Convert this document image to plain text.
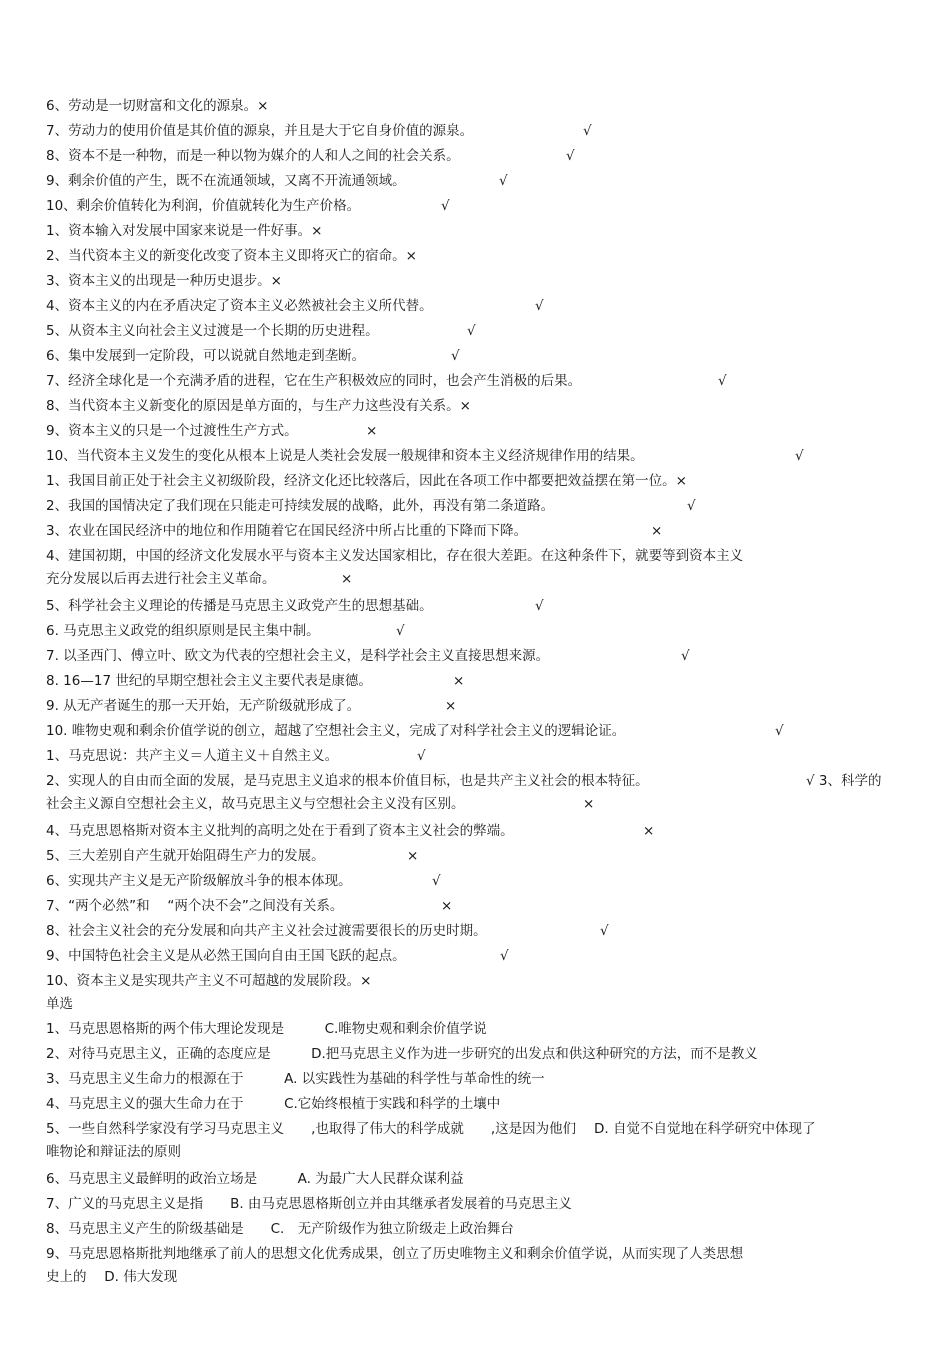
6、劳动是一切财富和文化的源泉。×
7、劳动力的使用价值是其价值的源泉，并且是大于它自身价值的源泉。	√
8、资本不是一种物，而是一种以物为媒介的人和人之间的社会关系。	√
9、剩余价值的产生，既不在流通领域，又离不开流通领域。	√
10、剩余价值转化为利润，价值就转化为生产价格。	√
1、资本输入对发展中国家来说是一件好事。×
2、当代资本主义的新变化改变了资本主义即将灭亡的宿命。×
3、资本主义的出现是一种历史退步。×
4、资本主义的内在矛盾决定了资本主义必然被社会主义所代替。	√
5、从资本主义向社会主义过渡是一个长期的历史进程。	√
6、集中发展到一定阶段，可以说就自然地走到垄断。	√
7、经济全球化是一个充满矛盾的进程，它在生产积极效应的同时，也会产生消极的后果。	√
8、当代资本主义新变化的原因是单方面的，与生产力这些没有关系。×
9、资本主义的只是一个过渡性生产方式。	×
10、当代资本主义发生的变化从根本上说是人类社会发展一般规律和资本主义经济规律作用的结果。	√
1、我国目前正处于社会主义初级阶段，经济文化还比较落后，因此在各项工作中都要把效益摆在第一位。×
2、我国的国情决定了我们现在只能走可持续发展的战略，此外，再没有第二条道路。	√
3、农业在国民经济中的地位和作用随着它在国民经济中所占比重的下降而下降。	×
4、建国初期，中国的经济文化发展水平与资本主义发达国家相比，存在很大差距。在这种条件下，就要等到资本主义
充分发展以后再去进行社会主义革命。	×
5、科学社会主义理论的传播是马克思主义政党产生的思想基础。	√
6. 马克思主义政党的组织原则是民主集中制。	√
7. 以圣西门、傅立叶、欧文为代表的空想社会主义，是科学社会主义直接思想来源。	√
8. 16—17 世纪的早期空想社会主义主要代表是康德。	×
9. 从无产者诞生的那一天开始，无产阶级就形成了。	×
10. 唯物史观和剩余价值学说的创立，超越了空想社会主义，完成了对科学社会主义的逻辑论证。	√
1、马克思说：共产主义＝人道主义＋自然主义。	√
2、实现人的自由而全面的发展，是马克思主义追求的根本价值目标，也是共产主义社会的根本特征。	√ 3、科学的
社会主义源自空想社会主义，故马克思主义与空想社会主义没有区别。	×
4、马克思恩格斯对资本主义批判的高明之处在于看到了资本主义社会的弊端。	×
5、三大差别自产生就开始阻碍生产力的发展。	×
6、实现共产主义是无产阶级解放斗争的根本体现。	√
7、“两个必然”和　 “两个决不会”之间没有关系。	×
8、社会主义社会的充分发展和向共产主义社会过渡需要很长的历史时期。	√
9、中国特色社会主义是从必然王国向自由王国飞跃的起点。	√
10、资本主义是实现共产主义不可超越的发展阶段。×
单选
1、马克思恩格斯的两个伟大理论发现是　　　C.唯物史观和剩余价值学说
2、对待马克思主义，正确的态度应是　　　D.把马克思主义作为进一步研究的出发点和供这种研究的方法，而不是教义
3、马克思主义生命力的根源在于　　　A. 以实践性为基础的科学性与革命性的统一
4、马克思主义的强大生命力在于　　　C.它始终根植于实践和科学的土壤中
5、一些自然科学家没有学习马克思主义　　,也取得了伟大的科学成就　　,这是因为他们　 D. 自觉不自觉地在科学研究中体现了
唯物论和辩证法的原则
6、马克思主义最鲜明的政治立场是　　　A. 为最广大人民群众谋利益
7、广义的马克思主义是指　　B. 由马克思恩格斯创立并由其继承者发展着的马克思主义
8、马克思主义产生的阶级基础是　　C.　无产阶级作为独立阶级走上政治舞台
9、马克思恩格斯批判地继承了前人的思想文化优秀成果，创立了历史唯物主义和剩余价值学说，从而实现了人类思想
史上的　 D. 伟大发现
